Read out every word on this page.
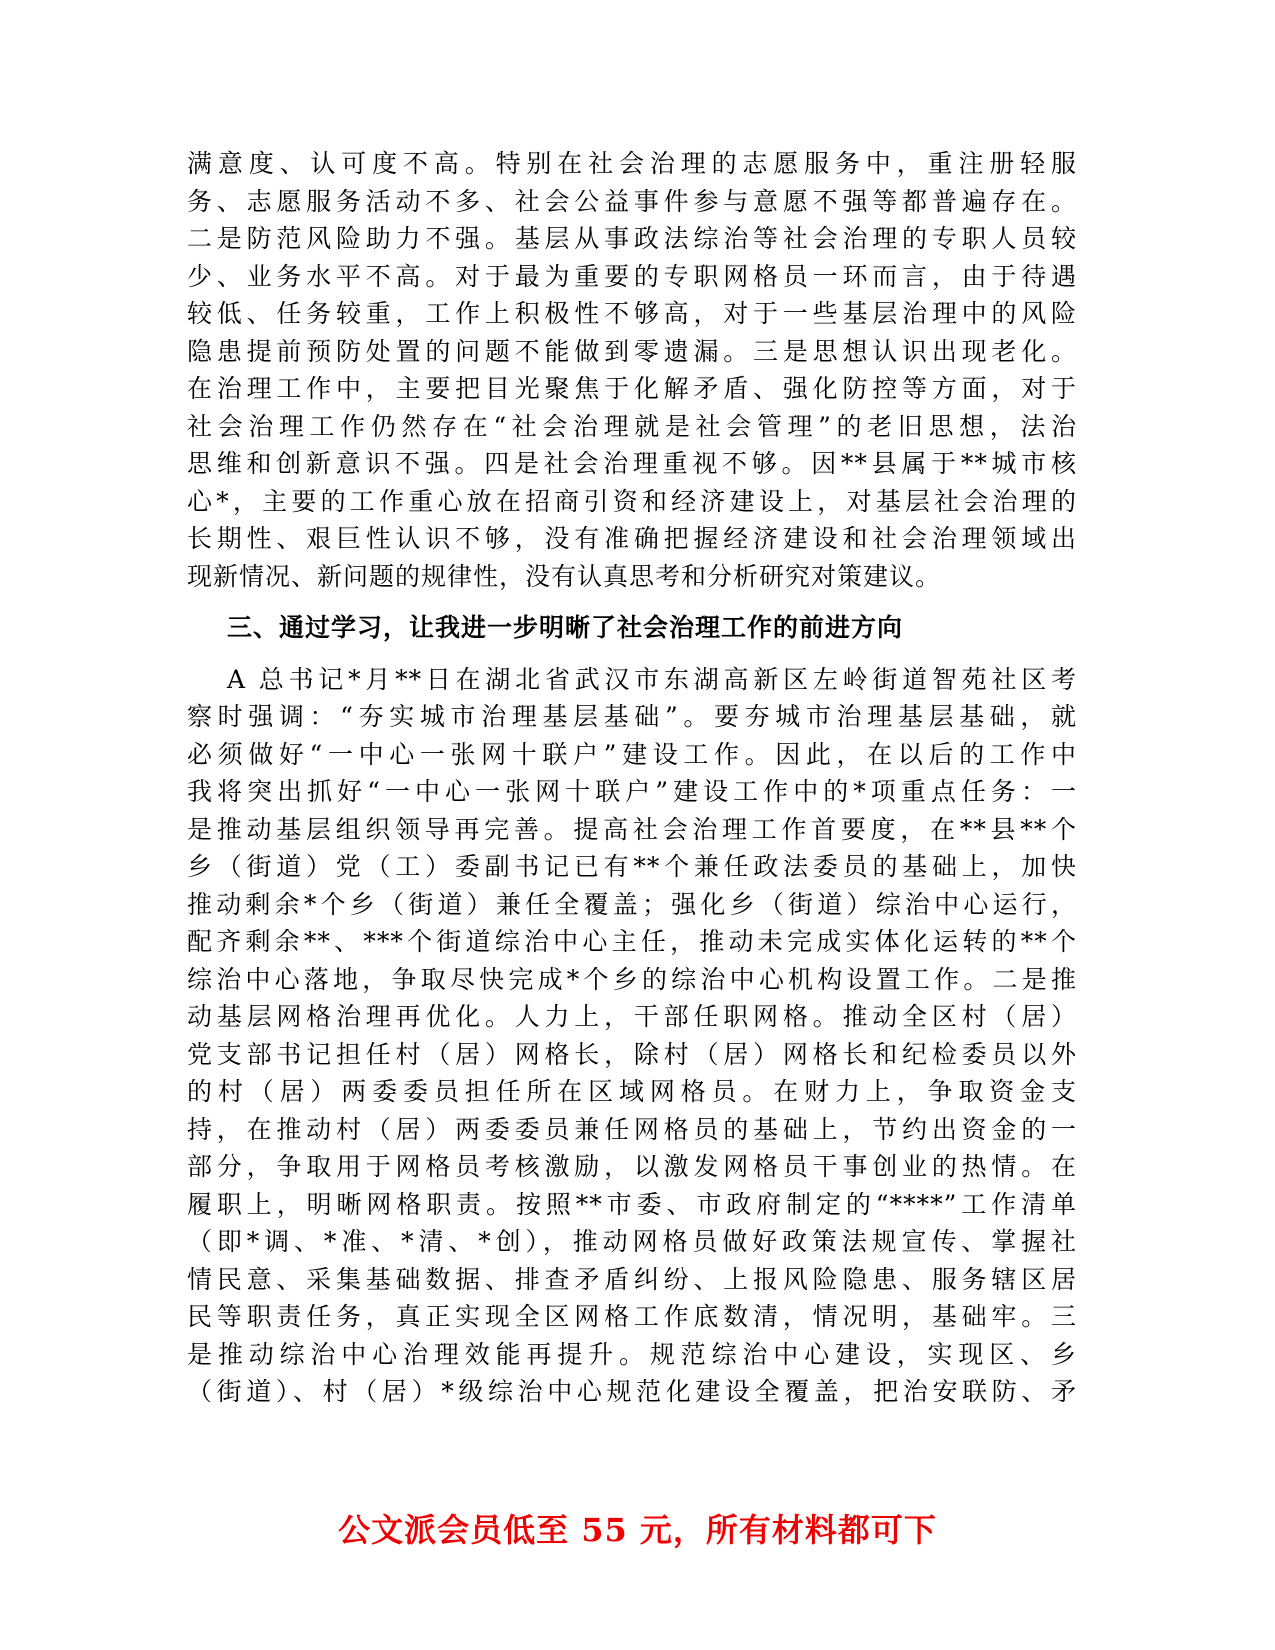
满意度、认可度不高。特别在社会治理的志愿服务中，重注册轻服
务、志愿服务活动不多、社会公益事件参与意愿不强等都普遍存在。
二是防范风险助力不强。基层从事政法综治等社会治理的专职人员较
少、业务水平不高。对于最为重要的专职网格员一环而言，由于待遇
较低、任务较重，工作上积极性不够高，对于一些基层治理中的风险
隐患提前预防处置的问题不能做到零遗漏。三是思想认识出现老化。
在治理工作中，主要把目光聚焦于化解矛盾、强化防控等方面，对于
社会治理工作仍然存在“社会治理就是社会管理”的老旧思想，法治
思维和创新意识不强。四是社会治理重视不够。因**县属于**城市核
心*，主要的工作重心放在招商引资和经济建设上，对基层社会治理的
长期性、艰巨性认识不够，没有准确把握经济建设和社会治理领域出
现新情况、新问题的规律性，没有认真思考和分析研究对策建议。
三、通过学习，让我进一步明晰了社会治理工作的前进方向
A 总书记*月**日在湖北省武汉市东湖高新区左岭街道智苑社区考
察时强调：“夯实城市治理基层基础”。要夯城市治理基层基础，就
必须做好“一中心一张网十联户”建设工作。因此，在以后的工作中
我将突出抓好“一中心一张网十联户”建设工作中的*项重点任务：一
是推动基层组织领导再完善。提高社会治理工作首要度，在**县**个
乡（街道）党（工）委副书记已有**个兼任政法委员的基础上，加快
推动剩余*个乡（街道）兼任全覆盖；强化乡（街道）综治中心运行，
配齐剩余**、***个街道综治中心主任，推动未完成实体化运转的**个
综治中心落地，争取尽快完成*个乡的综治中心机构设置工作。二是推
动基层网格治理再优化。人力上，干部任职网格。推动全区村（居）
党支部书记担任村（居）网格长，除村（居）网格长和纪检委员以外
的村（居）两委委员担任所在区域网格员。在财力上，争取资金支
持，在推动村（居）两委委员兼任网格员的基础上，节约出资金的一
部分，争取用于网格员考核激励，以激发网格员干事创业的热情。在
履职上，明晰网格职责。按照**市委、市政府制定的“****”工作清单
（即*调、*准、*清、*创），推动网格员做好政策法规宣传、掌握社
情民意、采集基础数据、排查矛盾纠纷、上报风险隐患、服务辖区居
民等职责任务，真正实现全区网格工作底数清，情况明，基础牢。三
是推动综治中心治理效能再提升。规范综治中心建设，实现区、乡
（街道）、村（居）*级综治中心规范化建设全覆盖，把治安联防、矛
公文派会员低至 55 元，所有材料都可下
